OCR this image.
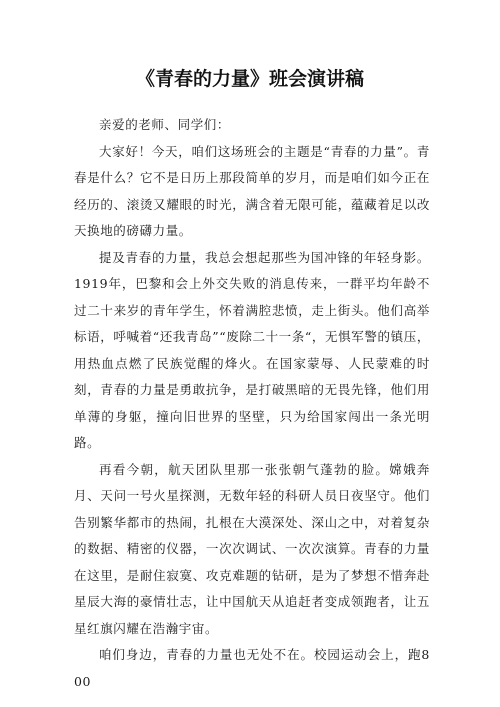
《青春的力量》班会演讲稿

亲爱的老师、同学们：

大家好！今天，咱们这场班会的主题是“青春的力量”。青春是什么？它不是日历上那段简单的岁月，而是咱们如今正在经历的、滚烫又耀眼的时光，满含着无限可能，蕴藏着足以改天换地的磅礴力量。

提及青春的力量，我总会想起那些为国冲锋的年轻身影。1919年，巴黎和会上外交失败的消息传来，一群平均年龄不过二十来岁的青年学生，怀着满腔悲愤，走上街头。他们高举标语，呼喊着“还我青岛”“废除二十一条“，无惧军警的镇压，用热血点燃了民族觉醒的烽火。在国家蒙辱、人民蒙难的时刻，青春的力量是勇敢抗争，是打破黑暗的无畏先锋，他们用单薄的身躯，撞向旧世界的坚壁，只为给国家闯出一条光明路。

再看今朝，航天团队里那一张张朝气蓬勃的脸。嫦娥奔月、天问一号火星探测，无数年轻的科研人员日夜坚守。他们告别繁华都市的热闹，扎根在大漠深处、深山之中，对着复杂的数据、精密的仪器，一次次调试、一次次演算。青春的力量在这里，是耐住寂寞、攻克难题的钻研，是为了梦想不惜奔赴星辰大海的豪情壮志，让中国航天从追赶者变成领跑者，让五星红旗闪耀在浩瀚宇宙。

咱们身边，青春的力量也无处不在。校园运动会上，跑800
